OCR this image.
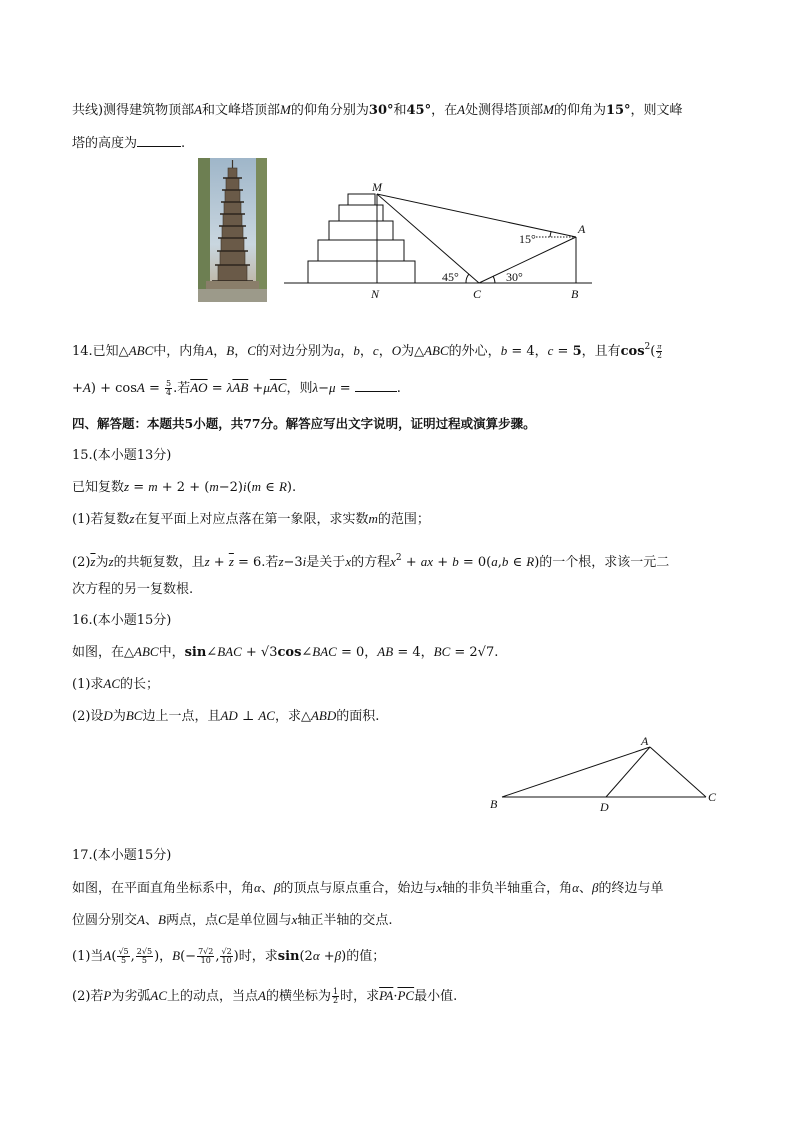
共线)测得建筑物顶部A和文峰塔顶部M的仰角分别为30°和45°，在A处测得塔顶部M的仰角为15°，则文峰
塔的高度为	.
M
A
N	C	B
15°
45°	30°
14.已知△ABC中，内角A，B，C的对边分别为a，b，c，O为△ABC的外心，b = 4，c = 5，且有$\cos^2( \frac{\pi}{2}$
$+A) + \cos A = \frac{5}{4}$ .若$\overline{AO} = \lambda\overline{AB} +\mu\overline{AC}$，则λ−μ =	.
四、解答题：本题共5小题，共77分。解答应写出文字说明，证明过程或演算步骤。
15.(本小题13分)
已知复数z = m + 2 + (m−2)i(m ∈ R).
(1)若复数z在复平面上对应点落在第一象限，求实数m的范围；
$(2)\overline{z}$为z的共轭复数，且$z + \overline{z} = 6$.若z−3i是关于x的方程$x^2$ + ax + b = 0(a,b ∈ R)的一个根，求该一元二
次方程的另一复数根.
16.(本小题15分)
如图，在△ABC中，sin∠BAC + √3cos∠BAC = 0，AB = 4，BC = 2√7.
(1)求AC的长；
(2)设D为BC边上一点，且AD ⊥ AC，求△ABD的面积.
A
B	C
D
17.(本小题15分)
如图，在平面直角坐标系中，角α、β的顶点与原点重合，始边与x轴的非负半轴重合，角α、β的终边与单
位圆分别交A、B两点，点C是单位圆与x轴正半轴的交点.
(1)当$A( \frac{√5}{5}$ , $\frac{2√5}{5}$ )，$B(- \frac{7√2}{10}$ , $\frac{√2}{10}$ )时，求sin(2α +β)的值；
(2)若P为劣弧AC上的动点，当点A的横坐标为 $\frac{1}{2}$ 时，求$\overline{PA}\cdot\overline{PC}$最小值.
